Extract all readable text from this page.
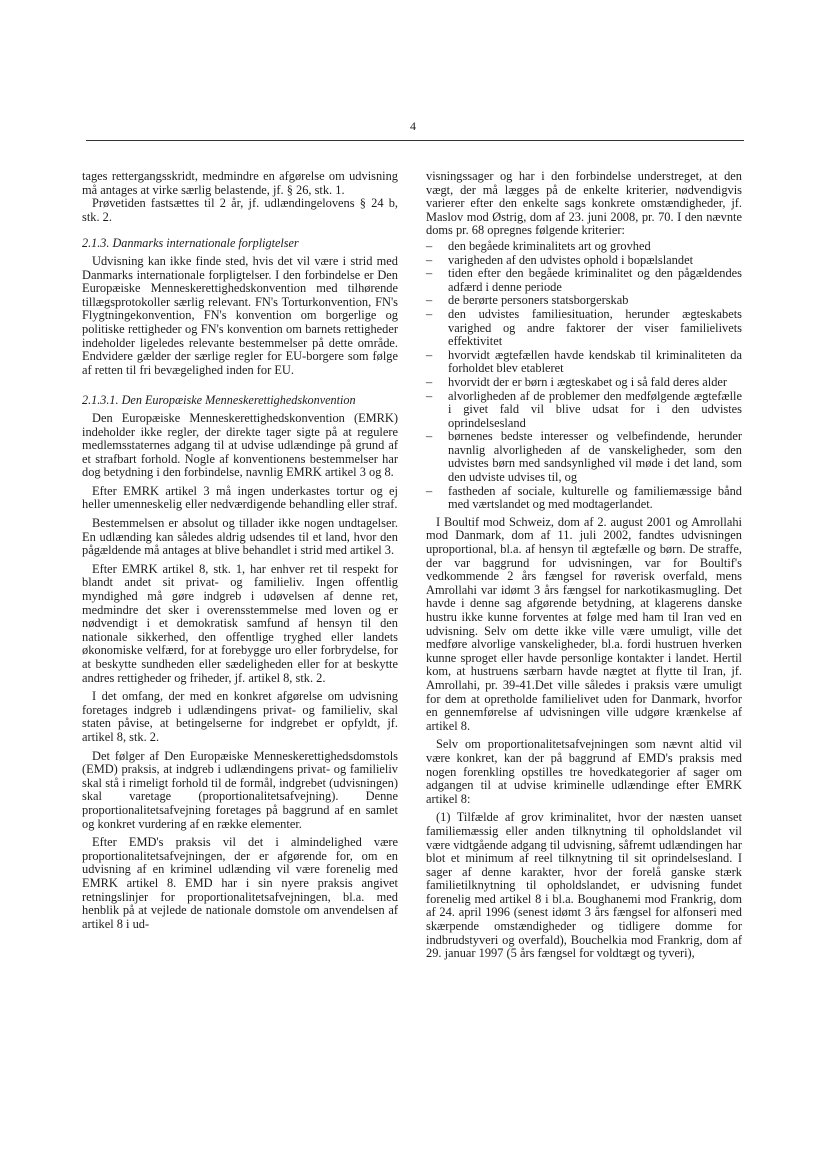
4

tages rettergangsskridt, medmindre en afgørelse om udvisning må antages at virke særlig belastende, jf. § 26, stk. 1.

Prøvetiden fastsættes til 2 år, jf. udlændingelovens § 24 b, stk. 2.

2.1.3. Danmarks internationale forpligtelser

Udvisning kan ikke finde sted, hvis det vil være i strid med Danmarks internationale forpligtelser. I den forbindelse er Den Europæiske Menneskerettighedskonvention med tilhørende tillægsprotokoller særlig relevant. FN's Torturkonvention, FN's Flygtningekonvention, FN's konvention om borgerlige og politiske rettigheder og FN's konvention om barnets rettigheder indeholder ligeledes relevante bestemmelser på dette område. Endvidere gælder der særlige regler for EU-borgere som følge af retten til fri bevægelighed inden for EU.

2.1.3.1. Den Europæiske Menneskerettighedskonvention

Den Europæiske Menneskerettighedskonvention (EMRK) indeholder ikke regler, der direkte tager sigte på at regulere medlemsstaternes adgang til at udvise udlændinge på grund af et strafbart forhold. Nogle af konventionens bestemmelser har dog betydning i den forbindelse, navnlig EMRK artikel 3 og 8.

Efter EMRK artikel 3 må ingen underkastes tortur og ej heller umenneskelig eller nedværdigende behandling eller straf.

Bestemmelsen er absolut og tillader ikke nogen undtagelser. En udlænding kan således aldrig udsendes til et land, hvor den pågældende må antages at blive behandlet i strid med artikel 3.

Efter EMRK artikel 8, stk. 1, har enhver ret til respekt for blandt andet sit privat- og familieliv. Ingen offentlig myndighed må gøre indgreb i udøvelsen af denne ret, medmindre det sker i overensstemmelse med loven og er nødvendigt i et demokratisk samfund af hensyn til den nationale sikkerhed, den offentlige tryghed eller landets økonomiske velfærd, for at forebygge uro eller forbrydelse, for at beskytte sundheden eller sædeligheden eller for at beskytte andres rettigheder og friheder, jf. artikel 8, stk. 2.

I det omfang, der med en konkret afgørelse om udvisning foretages indgreb i udlændingens privat- og familieliv, skal staten påvise, at betingelserne for indgrebet er opfyldt, jf. artikel 8, stk. 2.

Det følger af Den Europæiske Menneskerettighedsdomstols (EMD) praksis, at indgreb i udlændingens privat- og familieliv skal stå i rimeligt forhold til de formål, indgrebet (udvisningen) skal varetage (proportionalitetsafvejning). Denne proportionalitetsafvejning foretages på baggrund af en samlet og konkret vurdering af en række elementer.

Efter EMD's praksis vil det i almindelighed være proportionalitetsafvejningen, der er afgørende for, om en udvisning af en kriminel udlænding vil være forenelig med EMRK artikel 8. EMD har i sin nyere praksis angivet retningslinjer for proportionalitetsafvejningen, bl.a. med henblik på at vejlede de nationale domstole om anvendelsen af artikel 8 i ud-

visningssager og har i den forbindelse understreget, at den vægt, der må lægges på de enkelte kriterier, nødvendigvis varierer efter den enkelte sags konkrete omstændigheder, jf. Maslov mod Østrig, dom af 23. juni 2008, pr. 70. I den nævnte doms pr. 68 opregnes følgende kriterier:

– den begåede kriminalitets art og grovhed
– varigheden af den udvistes ophold i bopælslandet
– tiden efter den begåede kriminalitet og den pågældendes adfærd i denne periode
– de berørte personers statsborgerskab
– den udvistes familiesituation, herunder ægteskabets varighed og andre faktorer der viser familielivets effektivitet
– hvorvidt ægtefællen havde kendskab til kriminaliteten da forholdet blev etableret
– hvorvidt der er børn i ægteskabet og i så fald deres alder
– alvorligheden af de problemer den medfølgende ægtefælle i givet fald vil blive udsat for i den udvistes oprindelsesland
– børnenes bedste interesser og velbefindende, herunder navnlig alvorligheden af de vanskeligheder, som den udvistes børn med sandsynlighed vil møde i det land, som den udviste udvises til, og
– fastheden af sociale, kulturelle og familiemæssige bånd med værtslandet og med modtagerlandet.

I Boultif mod Schweiz, dom af 2. august 2001 og Amrollahi mod Danmark, dom af 11. juli 2002, fandtes udvisningen uproportional, bl.a. af hensyn til ægtefælle og børn. De straffe, der var baggrund for udvisningen, var for Boultif's vedkommende 2 års fængsel for røverisk overfald, mens Amrollahi var idømt 3 års fængsel for narkotikasmugling. Det havde i denne sag afgørende betydning, at klagerens danske hustru ikke kunne forventes at følge med ham til Iran ved en udvisning. Selv om dette ikke ville være umuligt, ville det medføre alvorlige vanskeligheder, bl.a. fordi hustruen hverken kunne sproget eller havde personlige kontakter i landet. Hertil kom, at hustruens særbarn havde nægtet at flytte til Iran, jf. Amrollahi, pr. 39-41.Det ville således i praksis være umuligt for dem at opretholde familielivet uden for Danmark, hvorfor en gennemførelse af udvisningen ville udgøre krænkelse af artikel 8.

Selv om proportionalitetsafvejningen som nævnt altid vil være konkret, kan der på baggrund af EMD's praksis med nogen forenkling opstilles tre hovedkategorier af sager om adgangen til at udvise kriminelle udlændinge efter EMRK artikel 8:

(1) Tilfælde af grov kriminalitet, hvor der næsten uanset familiemæssig eller anden tilknytning til opholdslandet vil være vidtgående adgang til udvisning, såfremt udlændingen har blot et minimum af reel tilknytning til sit oprindelsesland. I sager af denne karakter, hvor der forelå ganske stærk familietilknytning til opholdslandet, er udvisning fundet forenelig med artikel 8 i bl.a. Boughanemi mod Frankrig, dom af 24. april 1996 (senest idømt 3 års fængsel for alfonseri med skærpende omstændigheder og tidligere domme for indbrudstyveri og overfald), Bouchelkia mod Frankrig, dom af 29. januar 1997 (5 års fængsel for voldtægt og tyveri),
